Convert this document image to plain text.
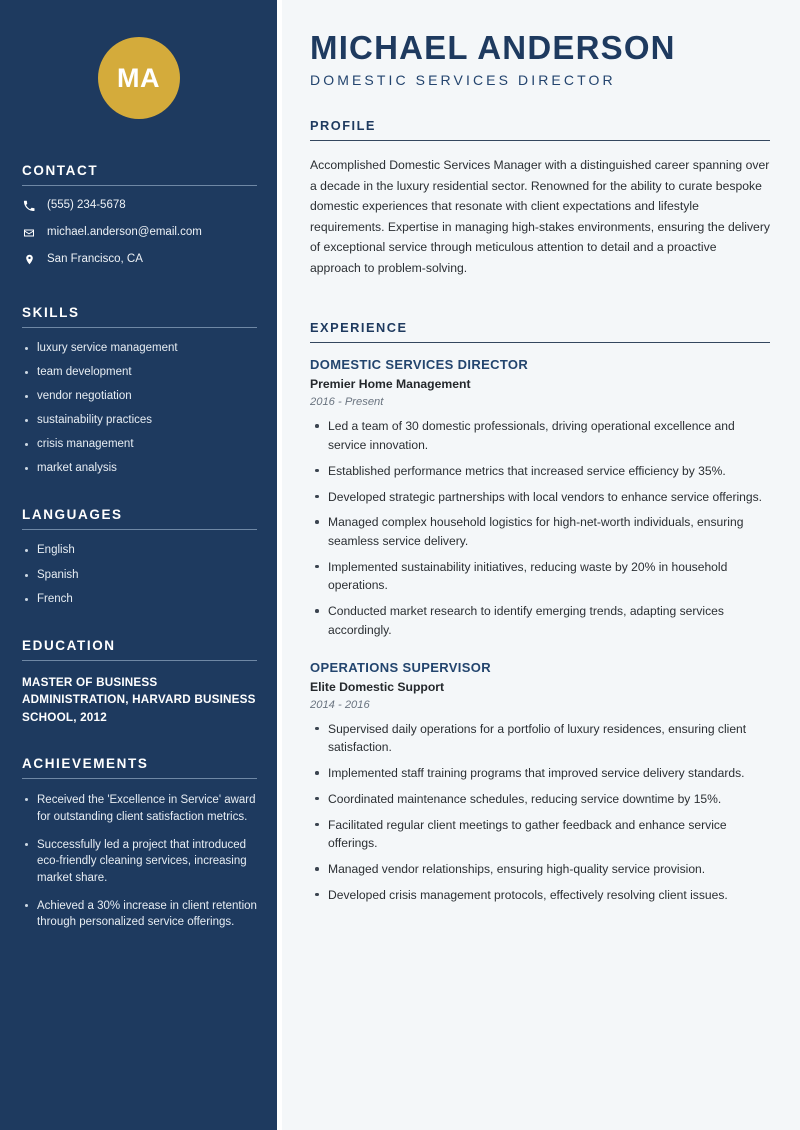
MA
CONTACT
(555) 234-5678
michael.anderson@email.com
San Francisco, CA
SKILLS
luxury service management
team development
vendor negotiation
sustainability practices
crisis management
market analysis
LANGUAGES
English
Spanish
French
EDUCATION
MASTER OF BUSINESS ADMINISTRATION, HARVARD BUSINESS SCHOOL, 2012
ACHIEVEMENTS
Received the 'Excellence in Service' award for outstanding client satisfaction metrics.
Successfully led a project that introduced eco-friendly cleaning services, increasing market share.
Achieved a 30% increase in client retention through personalized service offerings.
MICHAEL ANDERSON
DOMESTIC SERVICES DIRECTOR
PROFILE

Accomplished Domestic Services Manager with a distinguished career spanning over a decade in the luxury residential sector. Renowned for the ability to curate bespoke domestic experiences that resonate with client expectations and lifestyle requirements. Expertise in managing high-stakes environments, ensuring the delivery of exceptional service through meticulous attention to detail and a proactive approach to problem-solving.

EXPERIENCE
DOMESTIC SERVICES DIRECTOR
Premier Home Management
2016 - Present
Led a team of 30 domestic professionals, driving operational excellence and service innovation.
Established performance metrics that increased service efficiency by 35%.
Developed strategic partnerships with local vendors to enhance service offerings.
Managed complex household logistics for high-net-worth individuals, ensuring seamless service delivery.
Implemented sustainability initiatives, reducing waste by 20% in household operations.
Conducted market research to identify emerging trends, adapting services accordingly.
OPERATIONS SUPERVISOR
Elite Domestic Support
2014 - 2016
Supervised daily operations for a portfolio of luxury residences, ensuring client satisfaction.
Implemented staff training programs that improved service delivery standards.
Coordinated maintenance schedules, reducing service downtime by 15%.
Facilitated regular client meetings to gather feedback and enhance service offerings.
Managed vendor relationships, ensuring high-quality service provision.
Developed crisis management protocols, effectively resolving client issues.
